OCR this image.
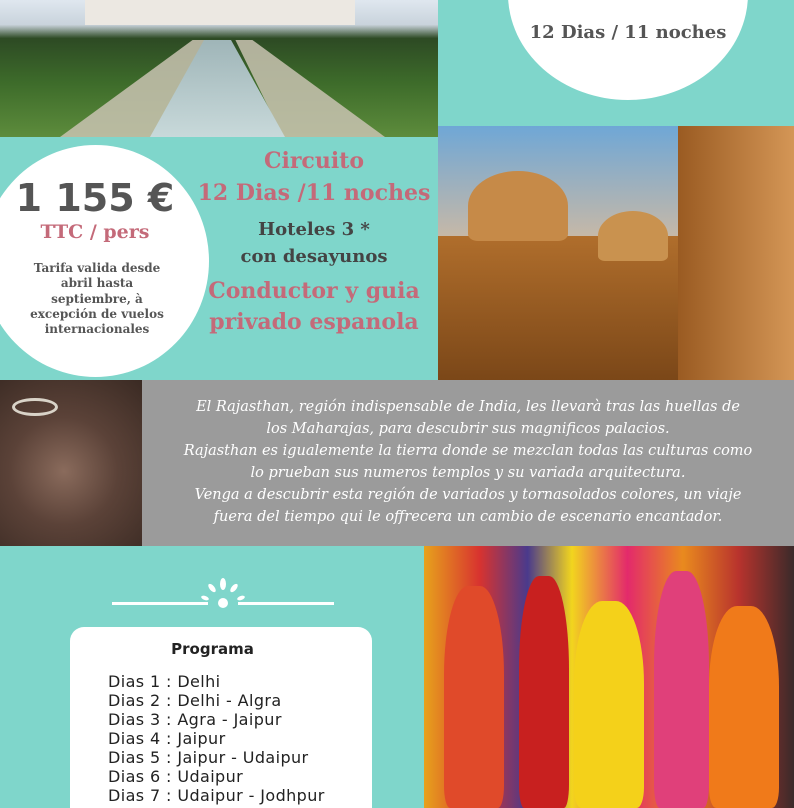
12 Dias / 11 noches
1 155 €
TTC / pers
Tarifa valida desde abril hasta septiembre, à excepción de vuelos internacionales
Circuito
12 Dias /11 noches
Hoteles 3 *
con desayunos
Conductor y guia
privado espanola
El Rajasthan, región indispensable de India, les llevarà tras las huellas de
los Maharajas, para descubrir sus magnificos palacios.
Rajasthan es igualemente la tierra donde se mezclan todas las culturas como
lo prueban sus numeros templos y su variada arquitectura.
Venga a descubrir esta región de variados y tornasolados colores, un viaje
fuera del tiempo qui le offrecera un cambio de escenario encantador.
Programa
Dias 1 : Delhi
Dias 2 : Delhi - Algra
Dias 3 : Agra - Jaipur
Dias 4 : Jaipur
Dias 5 : Jaipur - Udaipur
Dias 6 : Udaipur
Dias 7 : Udaipur - Jodhpur
